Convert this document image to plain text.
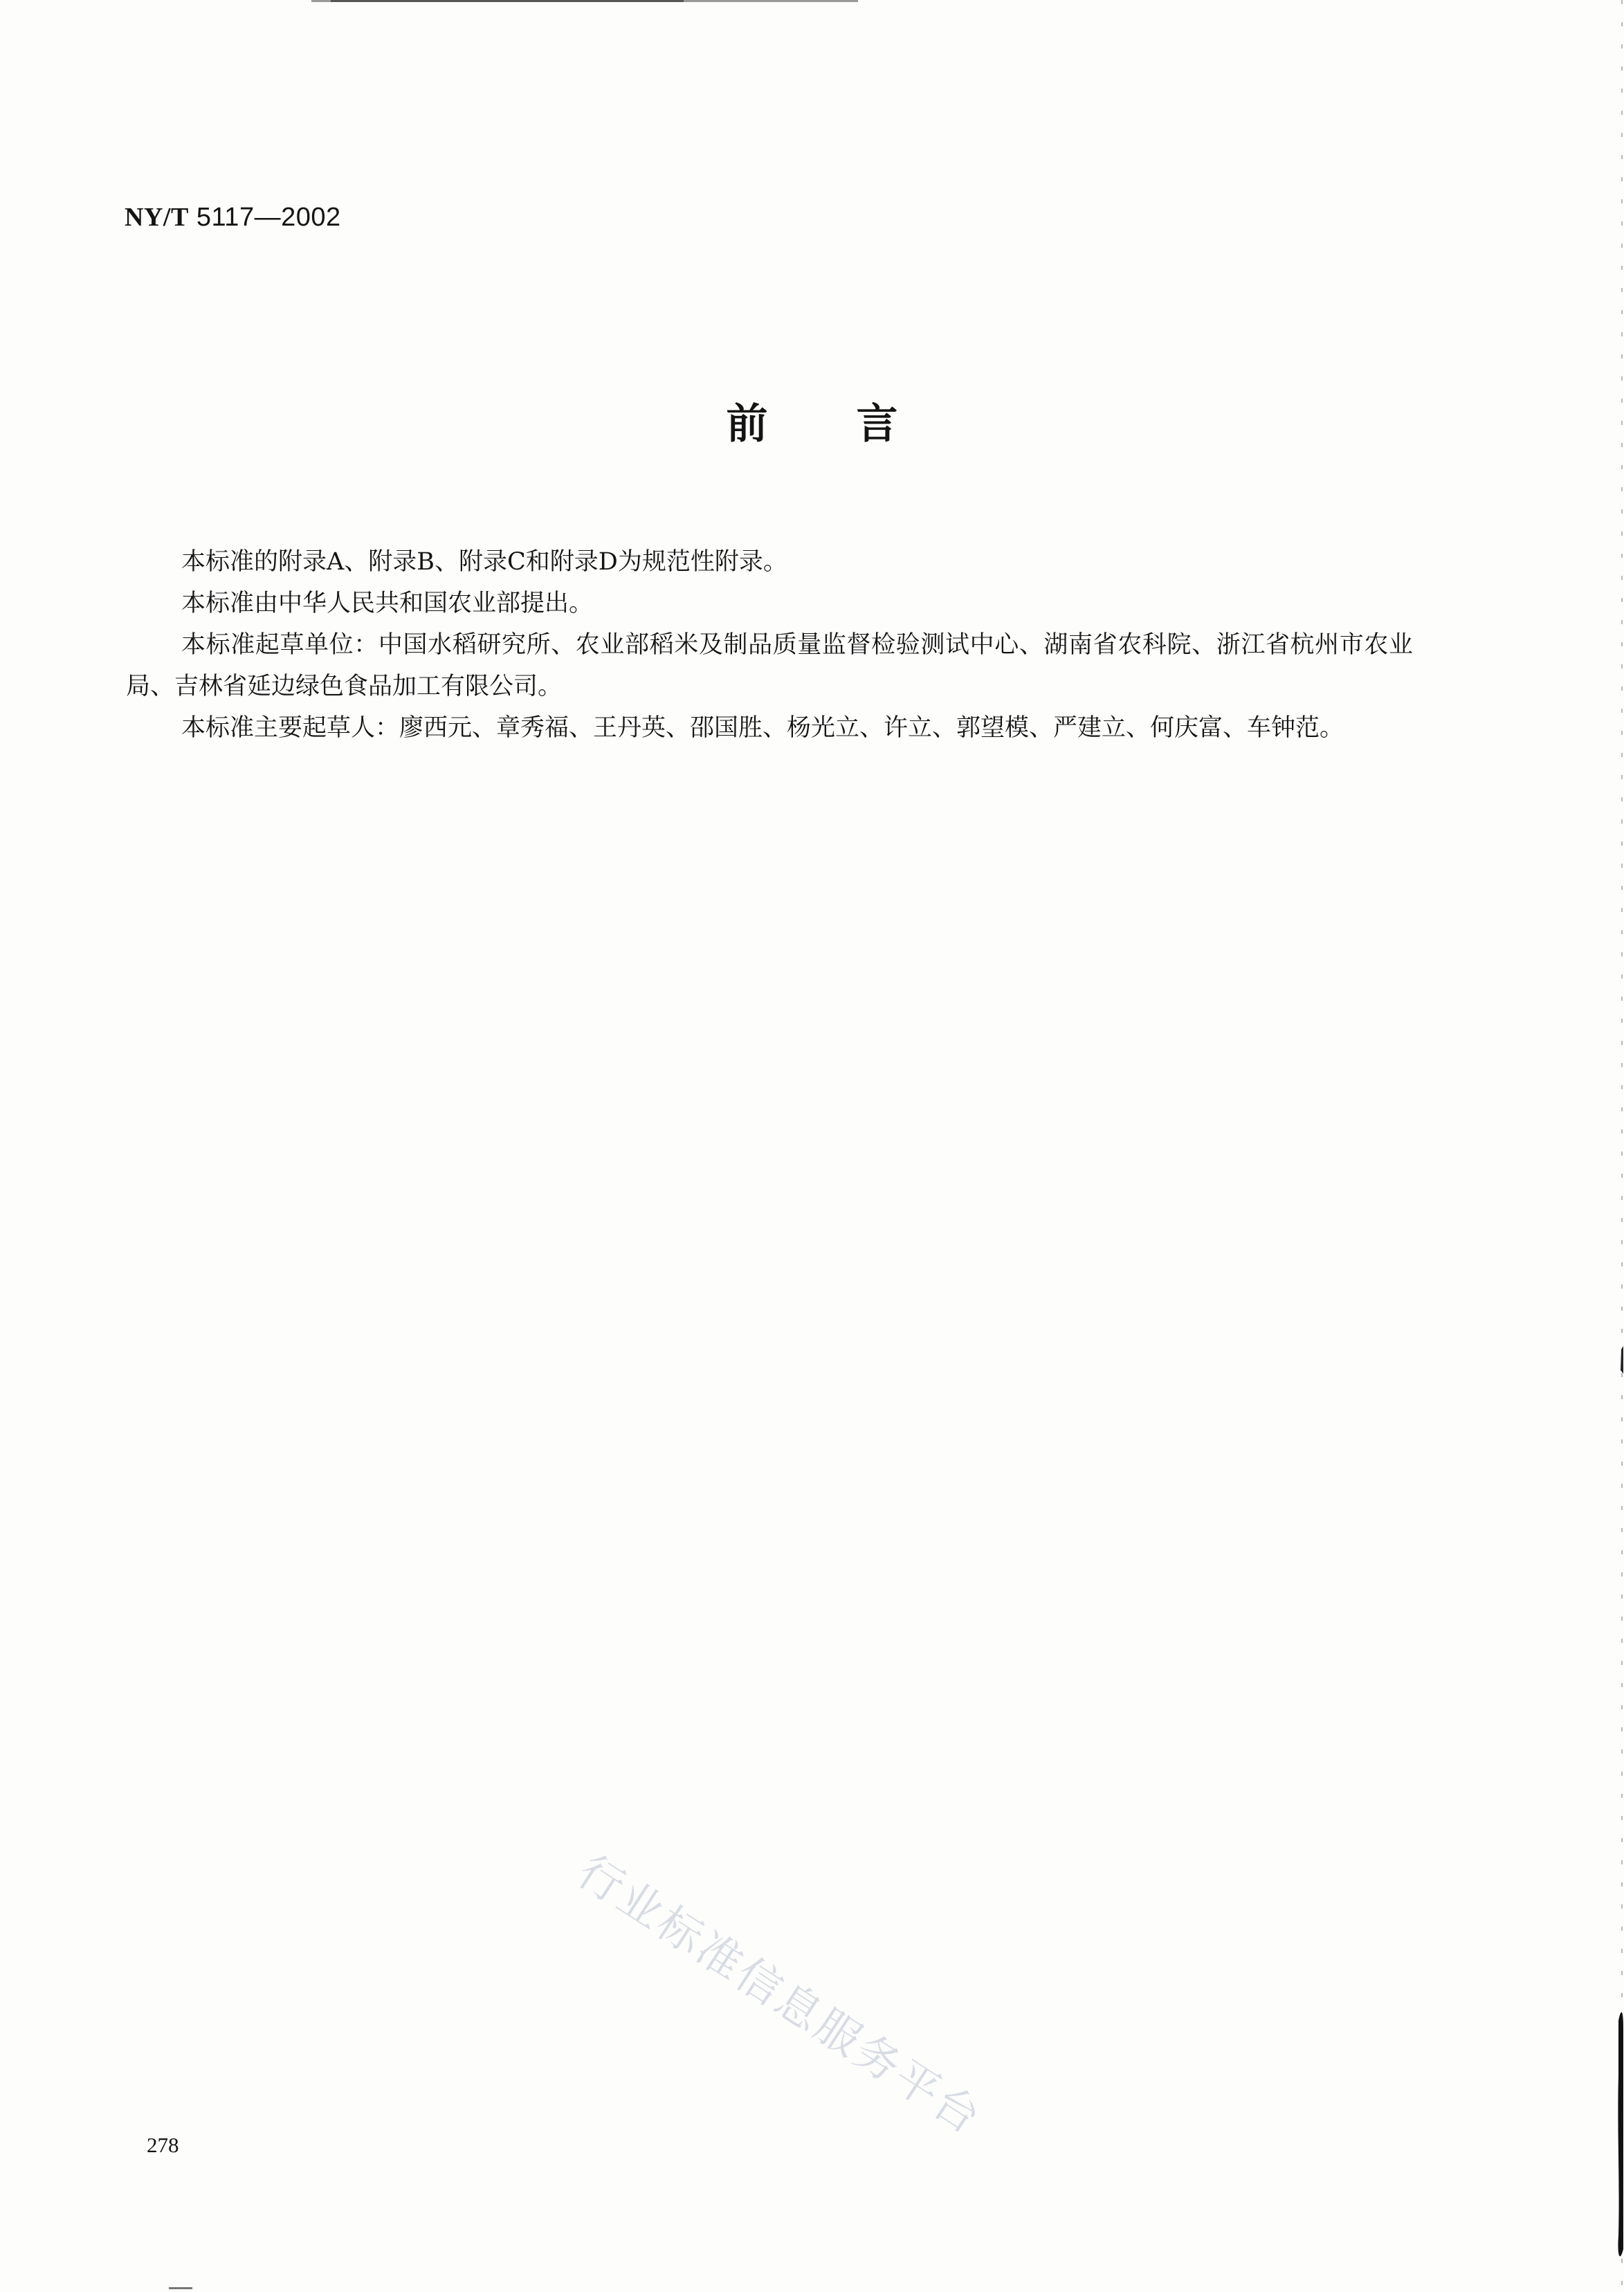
NY/T 5117—2002
前言

本标准的附录A、附录B、附录C和附录D为规范性附录。

本标准由中华人民共和国农业部提出。

本标准起草单位：中国水稻研究所、农业部稻米及制品质量监督检验测试中心、湖南省农科院、浙江省杭州市农业局、吉林省延边绿色食品加工有限公司。

本标准主要起草人：廖西元、章秀福、王丹英、邵国胜、杨光立、许立、郭望模、严建立、何庆富、车钟范。

行业标准信息服务平台
278
